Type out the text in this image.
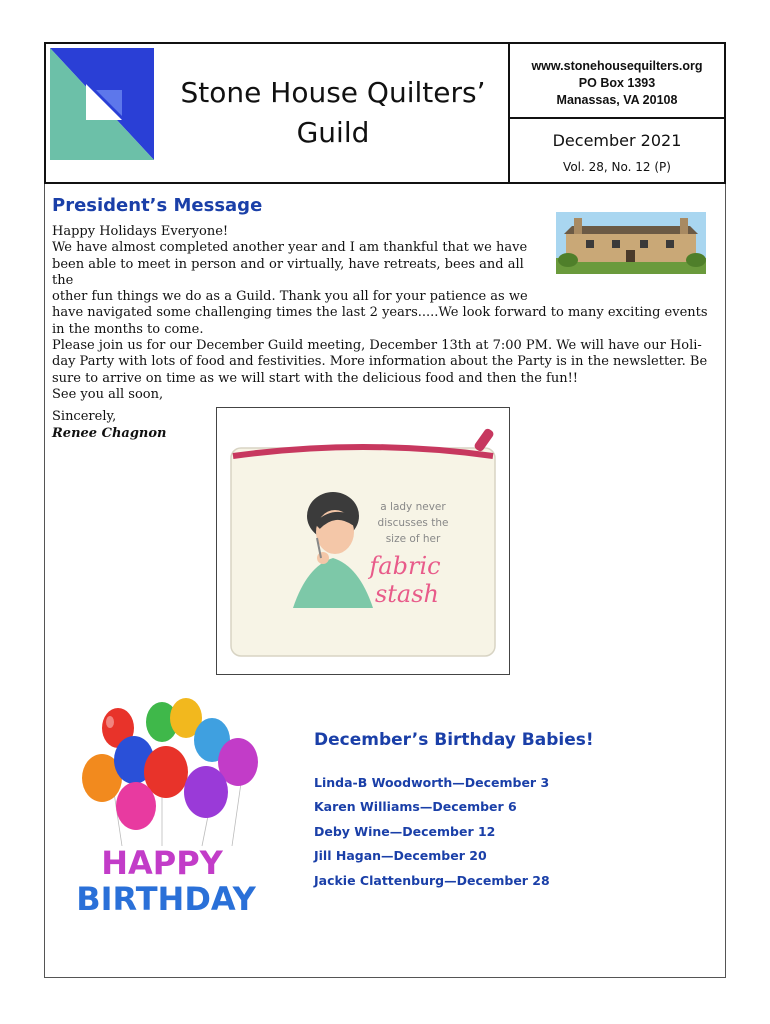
Stone House Quilters’
Guild
www.stonehousequilters.org
PO Box 1393
Manassas, VA 20108
December 2021
Vol. 28, No. 12 (P)
President’s Message

Happy Holidays Everyone!

We have almost completed another year and I am thankful that we have

been able to meet in person and or virtually, have retreats, bees and all the

other fun things we do as a Guild. Thank you all for your patience as we

have navigated some challenging times the last 2 years.....We look forward to many exciting events in the months to come.

Please join us for our December Guild meeting, December 13th at 7:00 PM. We will have our Holi-day Party with lots of food and festivities. More information about the Party is in the newsletter. Be sure to arrive on time as we will start with the delicious food and then the fun!!

See you all soon,

Sincerely,
Renee Chagnon
a lady never
discusses the
size of her
fabric
stash
HAPPY
BIRTHDAY
December’s Birthday Babies!
Linda-B Woodworth—December 3
Karen Williams—December 6
Deby Wine—December 12
Jill Hagan—December 20
Jackie Clattenburg—December 28
